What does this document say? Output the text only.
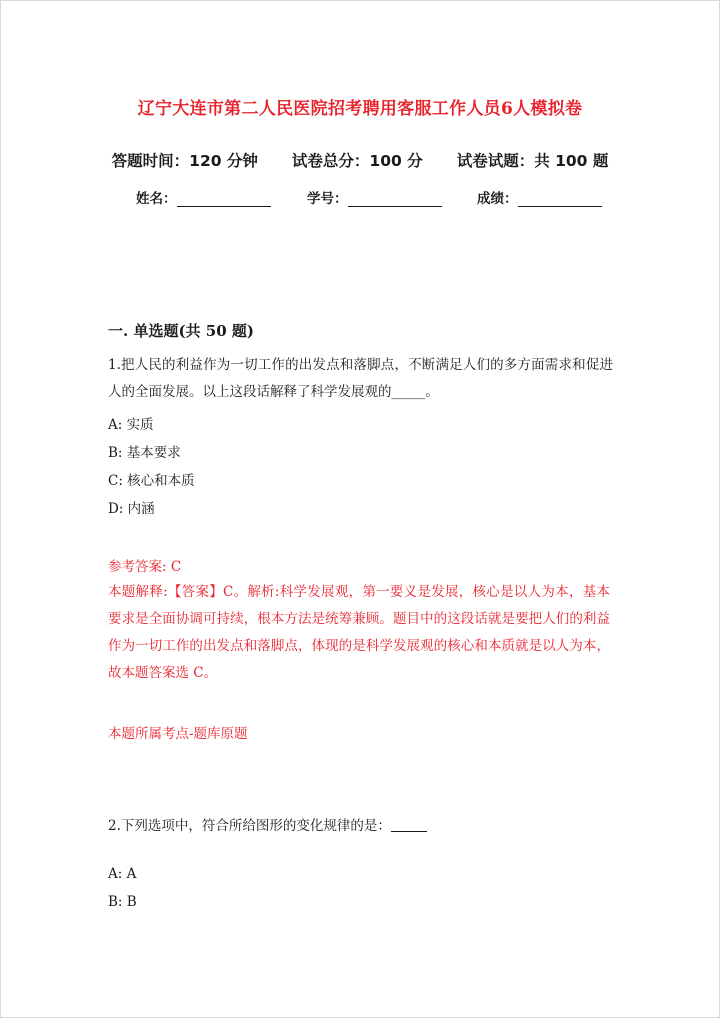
辽宁大连市第二人民医院招考聘用客服工作人员6人模拟卷
答题时间：120 分钟 试卷总分：100 分 试卷试题：共 100 题
姓名：	学号：	成绩：
一. 单选题(共 50 题)
1.把人民的利益作为一切工作的出发点和落脚点，不断满足人们的多方面需求和促进人的全面发展。以上这段话解释了科学发展观的_____。
A: 实质
B: 基本要求
C: 核心和本质
D: 内涵
参考答案: C
本题解释:【答案】C。解析:科学发展观，第一要义是发展，核心是以人为本，基本要求是全面协调可持续，根本方法是统筹兼顾。题目中的这段话就是要把人们的利益作为一切工作的出发点和落脚点，体现的是科学发展观的核心和本质就是以人为本，故本题答案选 C。
本题所属考点-题库原题
2.下列选项中，符合所给图形的变化规律的是：
A: A
B: B
